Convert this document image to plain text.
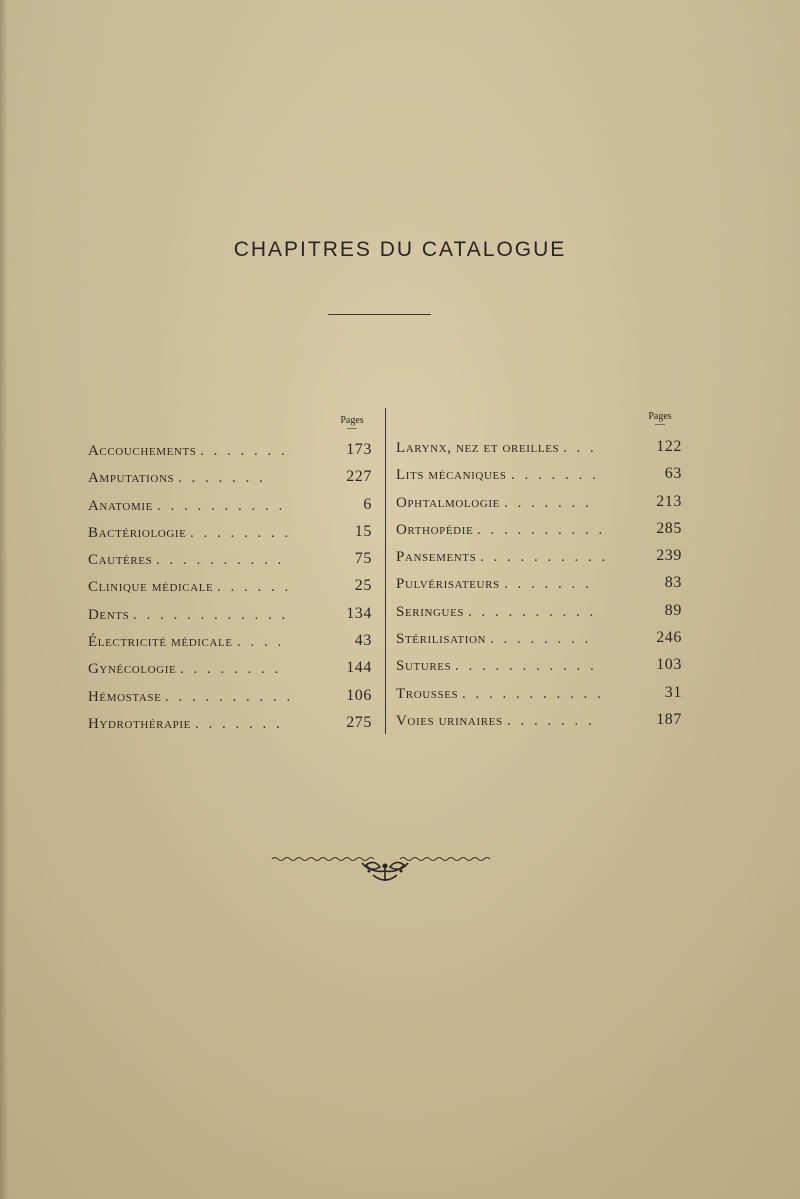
CHAPITRES DU CATALOGUE
Pages
—
Pages
—
Accouchements . . . . . . .	173
Amputations . . . . . . .	227
Anatomie . . . . . . . . . .	6
Bactériologie . . . . . . . .	15
Cautères . . . . . . . . . .	75
Clinique médicale . . . . . .	25
Dents . . . . . . . . . . . .	134
Électricité médicale . . . .	43
Gynécologie . . . . . . . .	144
Hémostase . . . . . . . . . .	106
Hydrothérapie . . . . . . .	275
Larynx, nez et oreilles . . .	122
Lits mécaniques . . . . . . .	63
Ophtalmologie . . . . . . .	213
Orthopédie . . . . . . . . . .	285
Pansements . . . . . . . . . .	239
Pulvérisateurs . . . . . . .	83
Seringues . . . . . . . . . .	89
Stérilisation . . . . . . . .	246
Sutures . . . . . . . . . . .	103
Trousses . . . . . . . . . . .	31
Voies urinaires . . . . . . .	187
